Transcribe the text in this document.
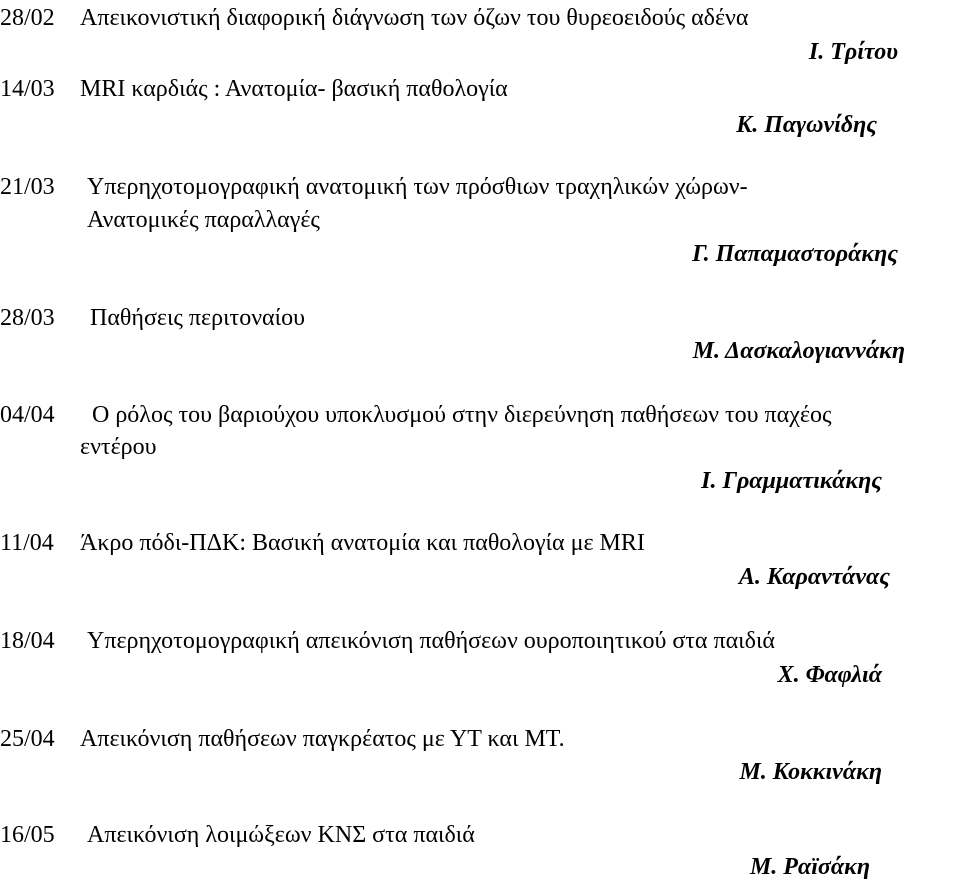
28/02 Απεικονιστική διαφορική διάγνωση των όζων του θυρεοειδούς αδένα
Ι. Τρίτου
14/03 MRI καρδιάς : Ανατομία- βασική παθολογία
Κ. Παγωνίδης
21/03 Υπερηχοτομογραφική ανατομική των πρόσθιων τραχηλικών χώρων-
Ανατομικές παραλλαγές
Γ. Παπαμαστοράκης
28/03 Παθήσεις περιτοναίου
Μ. Δασκαλογιαννάκη
04/04 Ο ρόλος του βαριούχου υποκλυσμού στην διερεύνηση παθήσεων του παχέος
εντέρου
Ι. Γραμματικάκης
11/04 Άκρο πόδι-ΠΔΚ: Βασική ανατομία και παθολογία με MRI
Α. Καραντάνας
18/04 Υπερηχοτομογραφική απεικόνιση παθήσεων ουροποιητικού στα παιδιά
Χ. Φαφλιά
25/04 Απεικόνιση παθήσεων παγκρέατος με ΥΤ και ΜΤ.
Μ. Κοκκινάκη
16/05 Απεικόνιση λοιμώξεων ΚΝΣ στα παιδιά
Μ. Ραϊσάκη
